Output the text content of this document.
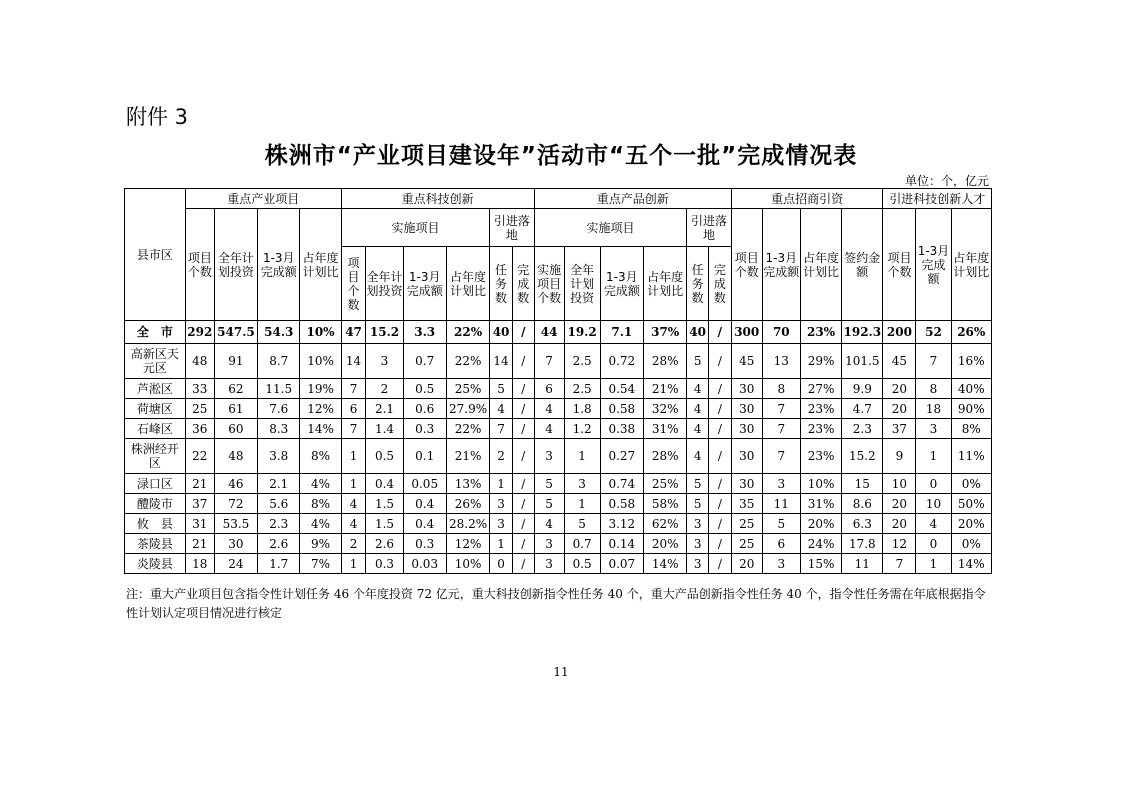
附件 3
株洲市“产业项目建设年”活动市“五个一批”完成情况表
单位：个，亿元
县市区	重点产业项目				重点科技创新						重点产品创新						重点招商引资				引进科技创新人才		
	项目个数	全年计划投资	1-3月完成额	占年度计划比	实施项目				引进落地		实施项目				引进落地		项目个数	1-3月完成额	占年度计划比	签约金额	项目个数	1-3月完成额	占年度计划比
					项目个数	全年计划投资	1-3月完成额	占年度计划比	任务数	完成数	实施项目个数	全年计划投资	1-3月完成额	占年度计划比	任务数	完成数							
全　市	292	547.5	54.3	10%	47	15.2	3.3	22%	40	/	44	19.2	7.1	37%	40	/	300	70	23%	192.3	200	52	26%
高新区天元区	48	91	8.7	10%	14	3	0.7	22%	14	/	7	2.5	0.72	28%	5	/	45	13	29%	101.5	45	7	16%
芦淞区	33	62	11.5	19%	7	2	0.5	25%	5	/	6	2.5	0.54	21%	4	/	30	8	27%	9.9	20	8	40%
荷塘区	25	61	7.6	12%	6	2.1	0.6	27.9%	4	/	4	1.8	0.58	32%	4	/	30	7	23%	4.7	20	18	90%
石峰区	36	60	8.3	14%	7	1.4	0.3	22%	7	/	4	1.2	0.38	31%	4	/	30	7	23%	2.3	37	3	8%
株洲经开区	22	48	3.8	8%	1	0.5	0.1	21%	2	/	3	1	0.27	28%	4	/	30	7	23%	15.2	9	1	11%
渌口区	21	46	2.1	4%	1	0.4	0.05	13%	1	/	5	3	0.74	25%	5	/	30	3	10%	15	10	0	0%
醴陵市	37	72	5.6	8%	4	1.5	0.4	26%	3	/	5	1	0.58	58%	5	/	35	11	31%	8.6	20	10	50%
攸　县	31	53.5	2.3	4%	4	1.5	0.4	28.2%	3	/	4	5	3.12	62%	3	/	25	5	20%	6.3	20	4	20%
茶陵县	21	30	2.6	9%	2	2.6	0.3	12%	1	/	3	0.7	0.14	20%	3	/	25	6	24%	17.8	12	0	0%
炎陵县	18	24	1.7	7%	1	0.3	0.03	10%	0	/	3	0.5	0.07	14%	3	/	20	3	15%	11	7	1	14%
注：重大产业项目包含指令性计划任务 46 个年度投资 72 亿元，重大科技创新指令性任务 40 个，重大产品创新指令性任务 40 个，指令性任务需在年底根据指令性计划认定项目情况进行核定
11
